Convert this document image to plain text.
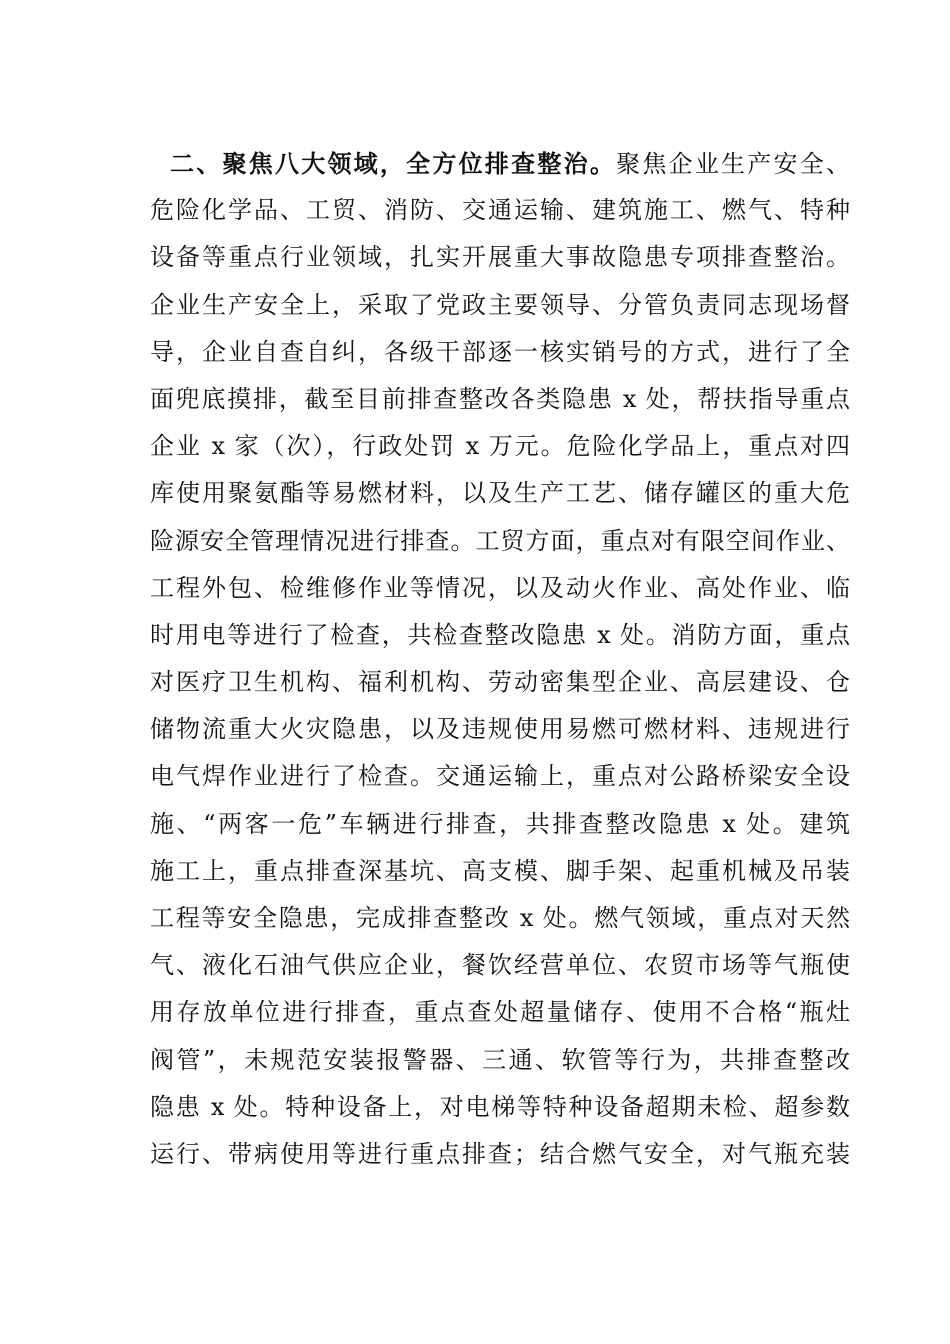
二、聚焦八大领域，全方位排查整治。聚焦企业生产安全、
危险化学品、工贸、消防、交通运输、建筑施工、燃气、特种
设备等重点行业领域，扎实开展重大事故隐患专项排查整治。
企业生产安全上，采取了党政主要领导、分管负责同志现场督
导，企业自查自纠，各级干部逐一核实销号的方式，进行了全
面兜底摸排，截至目前排查整改各类隐患 x 处，帮扶指导重点
企业 x 家（次），行政处罚 x 万元。危险化学品上，重点对四
库使用聚氨酯等易燃材料，以及生产工艺、储存罐区的重大危
险源安全管理情况进行排查。工贸方面，重点对有限空间作业、
工程外包、检维修作业等情况，以及动火作业、高处作业、临
时用电等进行了检查，共检查整改隐患 x 处。消防方面，重点
对医疗卫生机构、福利机构、劳动密集型企业、高层建设、仓
储物流重大火灾隐患，以及违规使用易燃可燃材料、违规进行
电气焊作业进行了检查。交通运输上，重点对公路桥梁安全设
施、“两客一危”车辆进行排查，共排查整改隐患 x 处。建筑
施工上，重点排查深基坑、高支模、脚手架、起重机械及吊装
工程等安全隐患，完成排查整改 x 处。燃气领域，重点对天然
气、液化石油气供应企业，餐饮经营单位、农贸市场等气瓶使
用存放单位进行排查，重点查处超量储存、使用不合格“瓶灶
阀管”，未规范安装报警器、三通、软管等行为，共排查整改
隐患 x 处。特种设备上，对电梯等特种设备超期未检、超参数
运行、带病使用等进行重点排查；结合燃气安全，对气瓶充装
